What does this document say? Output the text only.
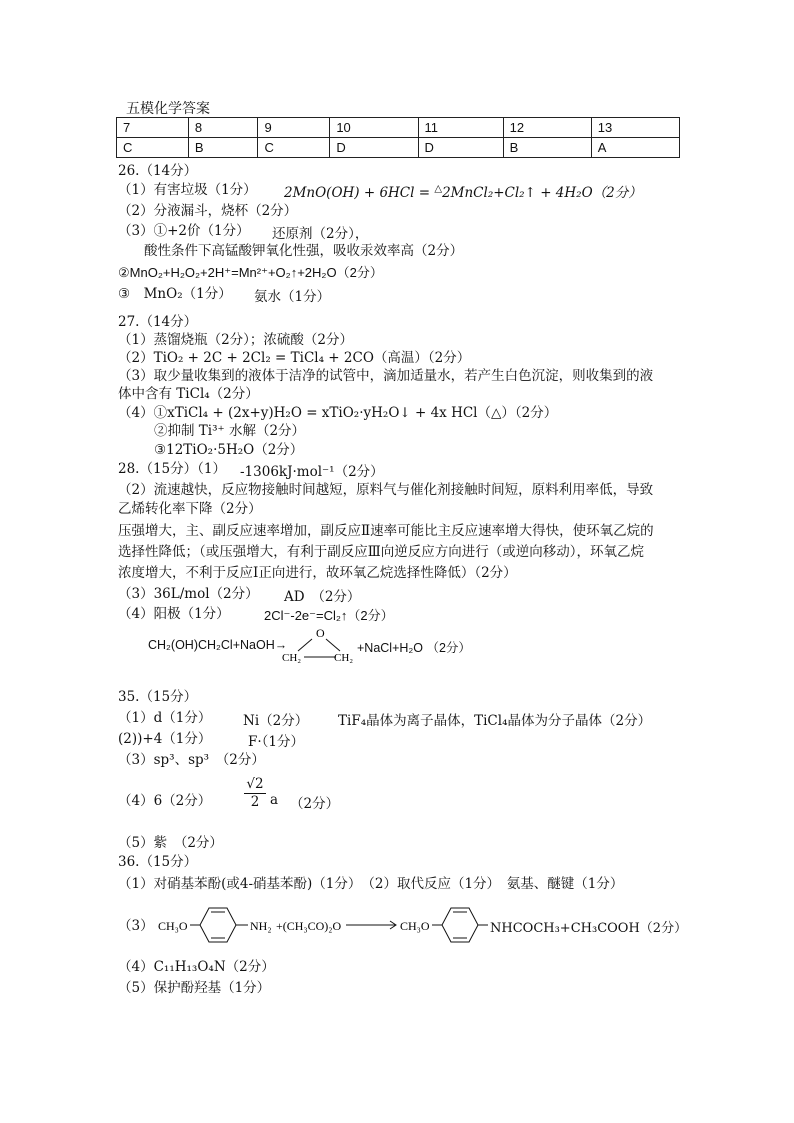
五模化学答案
7	8	9	10	11	12	13
C	B	C	D	D	B	A
26.（14分）
（1）有害垃圾（1分） 2MnO(OH) + 6HCl = △2MnCl₂+Cl₂↑ + 4H₂O（2分）
（2）分液漏斗，烧杯（2分）
（3）①+2价（1分） 还原剂（2分），
酸性条件下高锰酸钾氧化性强，吸收汞效率高（2分）
②MnO₂+H₂O₂+2H⁺=Mn²⁺+O₂↑+2H₂O（2分）
③　MnO₂（1分） 氨水（1分）
27.（14分）
（1）蒸馏烧瓶（2分）；浓硫酸（2分）
（2）TiO₂ + 2C + 2Cl₂ = TiCl₄ + 2CO（高温）（2分）
（3）取少量收集到的液体于洁净的试管中，滴加适量水，若产生白色沉淀，则收集到的液
体中含有 TiCl₄（2分）
（4）①xTiCl₄ + (2x+y)H₂O = xTiO₂·yH₂O↓ + 4x HCl（△）（2分）
②抑制 Ti³⁺ 水解（2分）
③12TiO₂·5H₂O（2分）
28.（15分）（1） -1306kJ·mol⁻¹（2分）
（2）流速越快，反应物接触时间越短，原料气与催化剂接触时间短，原料利用率低，导致
乙烯转化率下降（2分）
压强增大，主、副反应速率增加，副反应Ⅱ速率可能比主反应速率增大得快，使环氧乙烷的
选择性降低；（或压强增大，有利于副反应Ⅲ向逆反应方向进行（或逆向移动），环氧乙烷
浓度增大，不利于反应Ⅰ正向进行，故环氧乙烷选择性降低）（2分）
（3）36L/mol（2分） AD　（2分）
（4）阳极（1分）	2Cl⁻-2e⁻=Cl₂↑（2分）
CH₂(OH)CH₂Cl+NaOH→
O
CH₂	CH₂
+NaCl+H₂O （2分）
35.（15分）
（1）d（1分） Ni（2分） TiF₄晶体为离子晶体，TiCl₄晶体为分子晶体（2分）
(2))+4（1分）	F·（1分）
（3）sp³、sp³　（2分）
（4）6（2分） $\frac{√2}{2}$ a （2分）
（5）紫　（2分）
36.（15分）
（1）对硝基苯酚(或4-硝基苯酚)（1分）　（2）取代反应（1分）　氨基、醚键（1分）
（3） CH₃O	NH₂ +(CH₃CO)₂O	CH₃O	NHCOCH₃+CH₃COOH（2分）
（4）C₁₁H₁₃O₄N（2分）
（5）保护酚羟基（1分）
